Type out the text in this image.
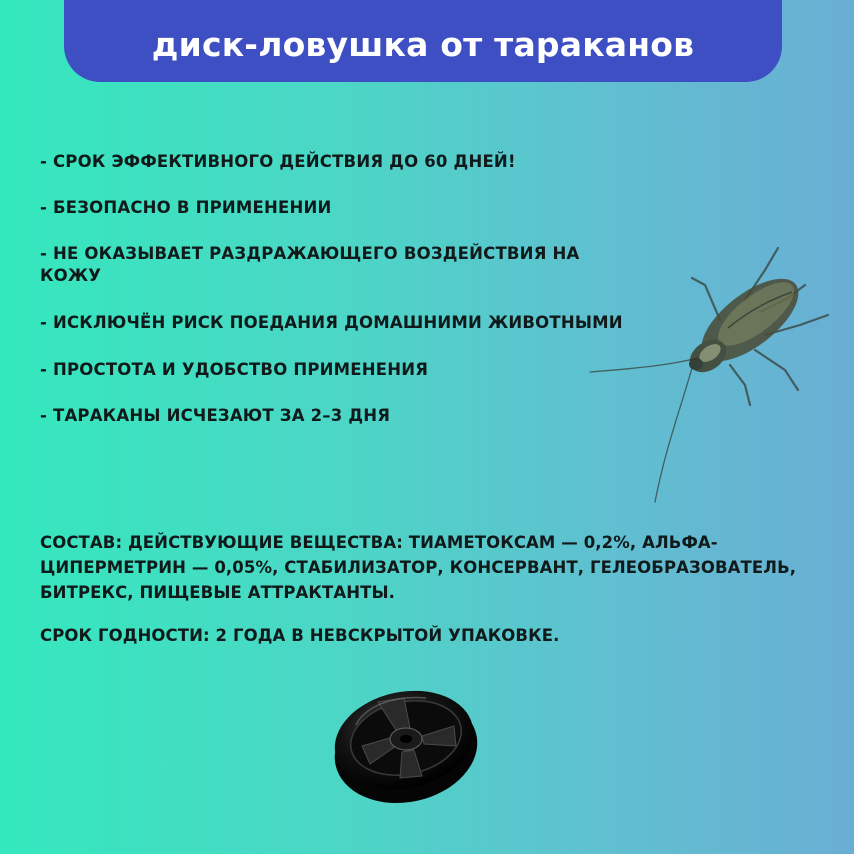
диск-ловушка от тараканов
- СРОК ЭФФЕКТИВНОГО ДЕЙСТВИЯ ДО 60 ДНЕЙ!
- БЕЗОПАСНО В ПРИМЕНЕНИИ
- НЕ ОКАЗЫВАЕТ РАЗДРАЖАЮЩЕГО ВОЗДЕЙСТВИЯ НА КОЖУ
- ИСКЛЮЧЁН РИСК ПОЕДАНИЯ ДОМАШНИМИ ЖИВОТНЫМИ
- ПРОСТОТА И УДОБСТВО ПРИМЕНЕНИЯ
- ТАРАКАНЫ ИСЧЕЗАЮТ ЗА 2–3 ДНЯ

СОСТАВ: ДЕЙСТВУЮЩИЕ ВЕЩЕСТВА: ТИАМЕТОКСАМ — 0,2%, АЛЬФА-ЦИПЕРМЕТРИН — 0,05%, СТАБИЛИЗАТОР, КОНСЕРВАНТ, ГЕЛЕОБРАЗОВАТЕЛЬ, БИТРЕКС, ПИЩЕВЫЕ АТТРАКТАНТЫ.

СРОК ГОДНОСТИ: 2 ГОДА В НЕВСКРЫТОЙ УПАКОВКЕ.
